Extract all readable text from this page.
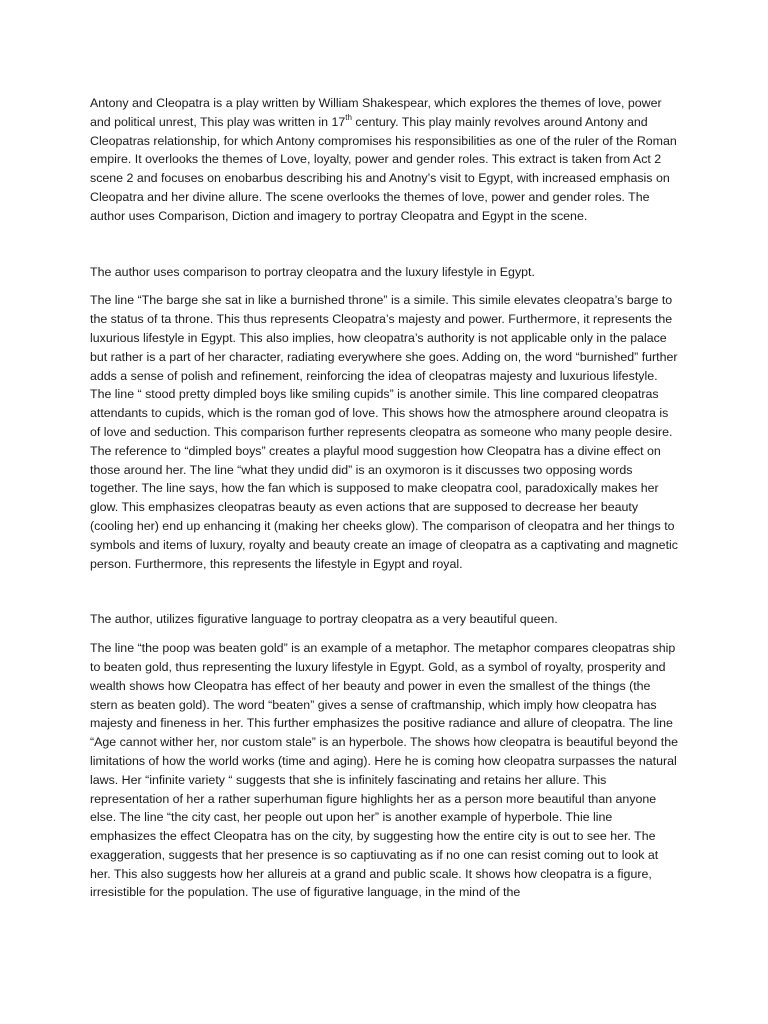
Antony and Cleopatra is a play written by William Shakespear, which explores the themes of love, power and political unrest, This play was written in 17th century. This play mainly revolves around Antony and Cleopatras relationship, for which Antony compromises his responsibilities as one of the ruler of the Roman empire. It overlooks the themes of Love, loyalty, power and gender roles. This extract is taken from Act 2 scene 2 and focuses on enobarbus describing his and Anotny’s visit to Egypt, with increased emphasis on Cleopatra and her divine allure. The scene overlooks the themes of love, power and gender roles. The author uses Comparison, Diction and imagery to portray Cleopatra and Egypt in the scene.

The author uses comparison to portray cleopatra and the luxury lifestyle in Egypt.

The line “The barge she sat in like a burnished throne” is a simile. This simile elevates cleopatra’s barge to the status of ta throne. This thus represents Cleopatra’s majesty and power. Furthermore, it represents the luxurious lifestyle in Egypt. This also implies, how cleopatra’s authority is not applicable only in the palace but rather is a part of her character, radiating everywhere she goes. Adding on, the word “burnished” further adds a sense of polish and refinement, reinforcing the idea of cleopatras majesty and luxurious lifestyle. The line “ stood pretty dimpled boys like smiling cupids” is another simile. This line compared cleopatras attendants to cupids, which is the roman god of love. This shows how the atmosphere around cleopatra is of love and seduction. This comparison further represents cleopatra as someone who many people desire. The reference to “dimpled boys” creates a playful mood suggestion how Cleopatra has a divine effect on those around her. The line “what they undid did” is an oxymoron is it discusses two opposing words together. The line says, how the fan which is supposed to make cleopatra cool, paradoxically makes her glow. This emphasizes cleopatras beauty as even actions that are supposed to decrease her beauty (cooling her) end up enhancing it (making her cheeks glow). The comparison of cleopatra and her things to symbols and items of luxury, royalty and beauty create an image of cleopatra as a captivating and magnetic person. Furthermore, this represents the lifestyle in Egypt and royal.

The author, utilizes figurative language to portray cleopatra as a very beautiful queen.

The line “the poop was beaten gold” is an example of a metaphor. The metaphor compares cleopatras ship to beaten gold, thus representing the luxury lifestyle in Egypt. Gold, as a symbol of royalty, prosperity and wealth shows how Cleopatra has effect of her beauty and power in even the smallest of the things (the stern as beaten gold). The word “beaten” gives a sense of craftmanship, which imply how cleopatra has majesty and fineness in her. This further emphasizes the positive radiance and allure of cleopatra. The line “Age cannot wither her, nor custom stale” is an hyperbole. The shows how cleopatra is beautiful beyond the limitations of how the world works (time and aging). Here he is coming how cleopatra surpasses the natural laws. Her “infinite variety “ suggests that she is infinitely fascinating and retains her allure. This representation of her a rather superhuman figure highlights her as a person more beautiful than anyone else. The line “the city cast, her people out upon her” is another example of hyperbole. Thie line emphasizes the effect Cleopatra has on the city, by suggesting how the entire city is out to see her. The exaggeration, suggests that her presence is so captiuvating as if no one can resist coming out to look at her. This also suggests how her allureis at a grand and public scale. It shows how cleopatra is a figure, irresistible for the population. The use of figurative language, in the mind of the
